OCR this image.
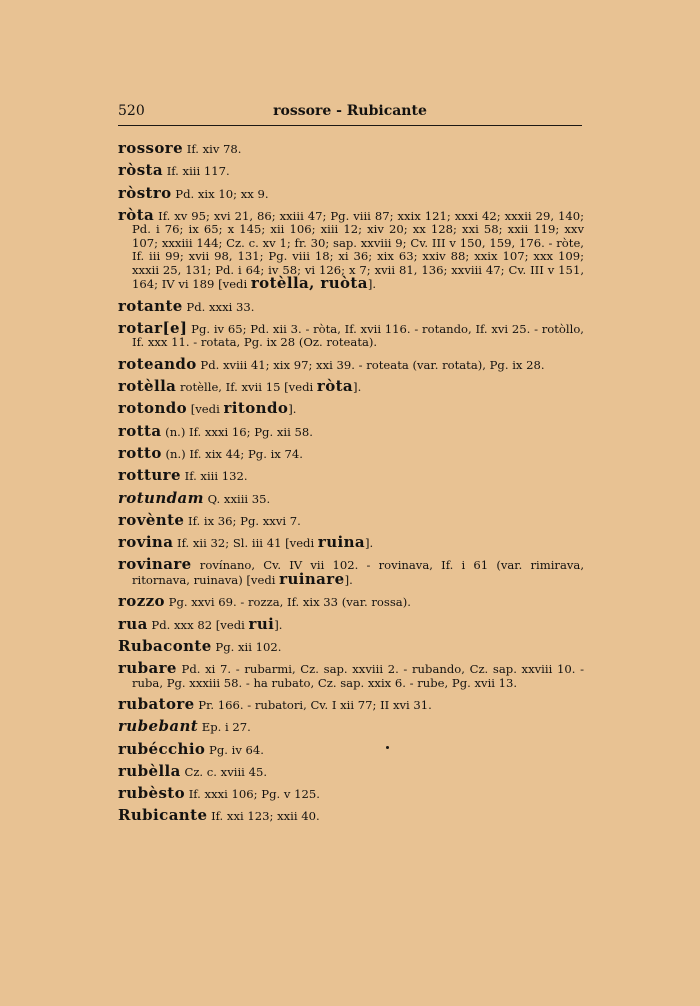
520	rossore - Rubicante
rossore If. xiv 78.
ròsta If. xiii 117.
ròstro Pd. xix 10; xx 9.
ròta If. xv 95; xvi 21, 86; xxiii 47; Pg. viii 87; xxix 121; xxxi 42; xxxii 29, 140; Pd. i 76; ix 65; x 145; xii 106; xiii 12; xiv 20; xx 128; xxi 58; xxii 119; xxv 107; xxxiii 144; Cz. c. xv 1; fr. 30; sap. xxviii 9; Cv. III v 150, 159, 176. - ròte, If. iii 99; xvii 98, 131; Pg. viii 18; xi 36; xix 63; xxiv 88; xxix 107; xxx 109; xxxii 25, 131; Pd. i 64; iv 58; vi 126; x 7; xvii 81, 136; xxviii 47; Cv. III v 151, 164; IV vi 189 [vedi rotèlla, ruòta].
rotante Pd. xxxi 33.
rotar[e] Pg. iv 65; Pd. xii 3. - ròta, If. xvii 116. - rotando, If. xvi 25. - rotòllo, If. xxx 11. - rotata, Pg. ix 28 (Oz. roteata).
roteando Pd. xviii 41; xix 97; xxi 39. - roteata (var. rotata), Pg. ix 28.
rotèlla rotèlle, If. xvii 15 [vedi ròta].
rotondo [vedi ritondo].
rotta (n.) If. xxxi 16; Pg. xii 58.
rotto (n.) If. xix 44; Pg. ix 74.
rotture If. xiii 132.
rotundam Q. xxiii 35.
rovènte If. ix 36; Pg. xxvi 7.
rovina If. xii 32; Sl. iii 41 [vedi ruina].
rovinare rovínano, Cv. IV vii 102. - rovinava, If. i 61 (var. rimirava, ritornava, ruinava) [vedi ruinare].
rozzo Pg. xxvi 69. - rozza, If. xix 33 (var. rossa).
rua Pd. xxx 82 [vedi rui].
Rubaconte Pg. xii 102.
rubare Pd. xi 7. - rubarmi, Cz. sap. xxviii 2. - rubando, Cz. sap. xxviii 10. - ruba, Pg. xxxiii 58. - ha rubato, Cz. sap. xxix 6. - rube, Pg. xvii 13.
rubatore Pr. 166. - rubatori, Cv. I xii 77; II xvi 31.
rubebant Ep. i 27.
rubécchio Pg. iv 64.
rubèlla Cz. c. xviii 45.
rubèsto If. xxxi 106; Pg. v 125.
Rubicante If. xxi 123; xxii 40.
